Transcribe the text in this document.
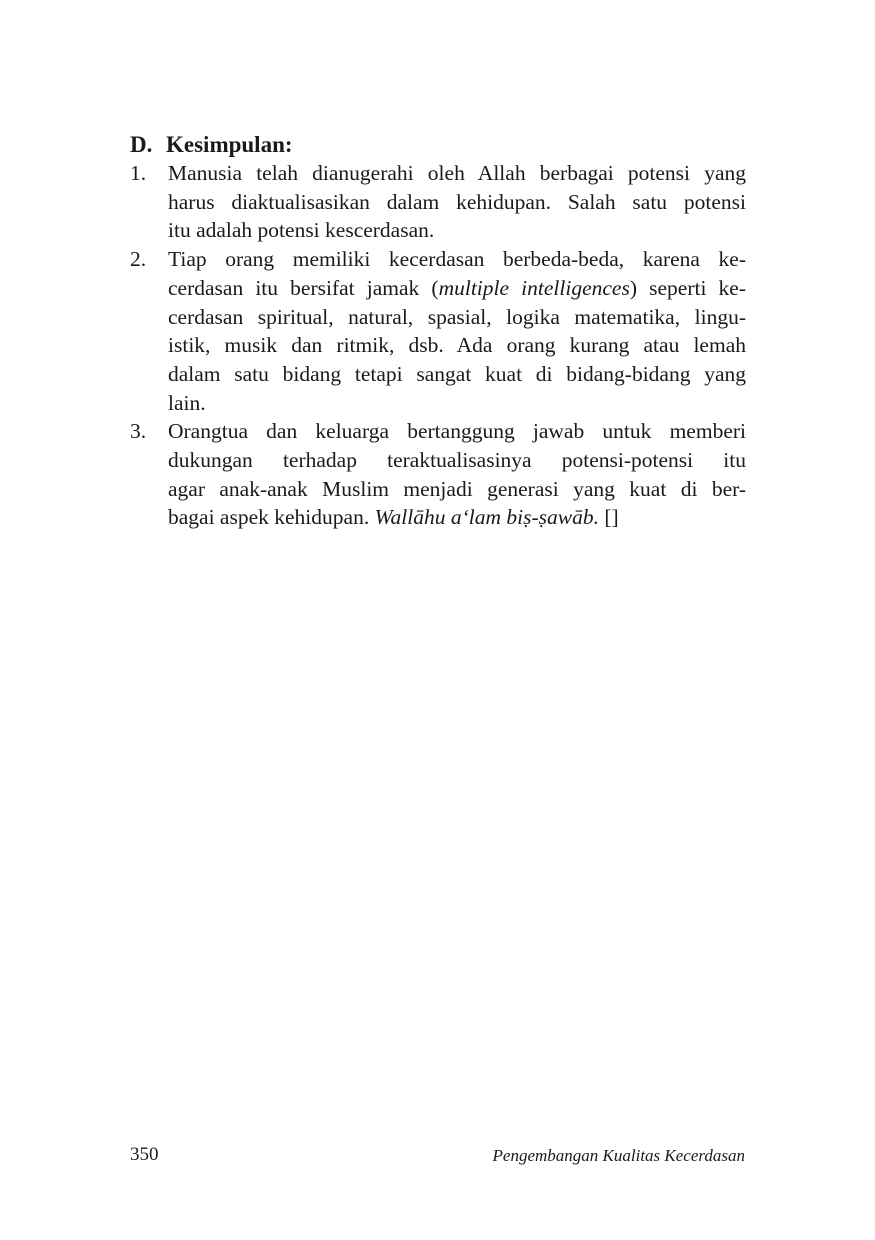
D. Kesimpulan:
1.	Manusia telah dianugerahi oleh Allah berbagai potensi yang
harus diaktualisasikan dalam kehidupan. Salah satu potensi
itu adalah potensi kescerdasan.
2.	Tiap orang memiliki kecerdasan berbeda-beda, karena ke-
cerdasan itu bersifat jamak (multiple intelligences) seperti ke-
cerdasan spiritual, natural, spasial, logika matematika, lingu-
istik, musik dan ritmik, dsb. Ada orang kurang atau lemah
dalam satu bidang tetapi sangat kuat di bidang-bidang yang
lain.
3.	Orangtua dan keluarga bertanggung jawab untuk memberi
dukungan terhadap teraktualisasinya potensi-potensi itu
agar anak-anak Muslim menjadi generasi yang kuat di ber-
bagai aspek kehidupan. Wallāhu a‘lam biṣ-ṣawāb. []
350	Pengembangan Kualitas Kecerdasan
